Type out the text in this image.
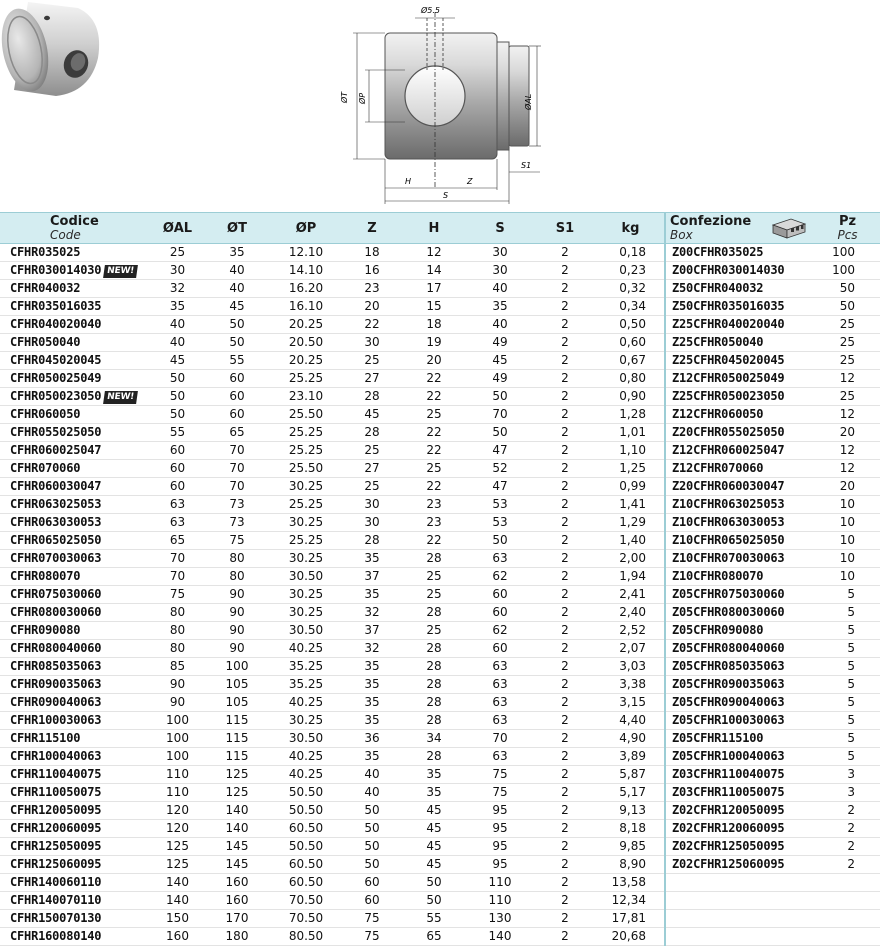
Ø5.5
ØT ØP	ØAL
S1
H	Z
S
Codice
Code	ØAL	ØT	ØP	Z	H	S	S1	kg	Confezione
Box	Pz
Pcs

CFHR035025	25	35	12.10	18	12	30	2	0,18	Z00CFHR035025	100
CFHR030014030 NEW!	30	40	14.10	16	14	30	2	0,23	Z00CFHR030014030	100
CFHR040032	32	40	16.20	23	17	40	2	0,32	Z50CFHR040032	50
CFHR035016035	35	45	16.10	20	15	35	2	0,34	Z50CFHR035016035	50
CFHR040020040	40	50	20.25	22	18	40	2	0,50	Z25CFHR040020040	25
CFHR050040	40	50	20.50	30	19	49	2	0,60	Z25CFHR050040	25
CFHR045020045	45	55	20.25	25	20	45	2	0,67	Z25CFHR045020045	25
CFHR050025049	50	60	25.25	27	22	49	2	0,80	Z12CFHR050025049	12
CFHR050023050 NEW!	50	60	23.10	28	22	50	2	0,90	Z25CFHR050023050	25
CFHR060050	50	60	25.50	45	25	70	2	1,28	Z12CFHR060050	12
CFHR055025050	55	65	25.25	28	22	50	2	1,01	Z20CFHR055025050	20
CFHR060025047	60	70	25.25	25	22	47	2	1,10	Z12CFHR060025047	12
CFHR070060	60	70	25.50	27	25	52	2	1,25	Z12CFHR070060	12
CFHR060030047	60	70	30.25	25	22	47	2	0,99	Z20CFHR060030047	20
CFHR063025053	63	73	25.25	30	23	53	2	1,41	Z10CFHR063025053	10
CFHR063030053	63	73	30.25	30	23	53	2	1,29	Z10CFHR063030053	10
CFHR065025050	65	75	25.25	28	22	50	2	1,40	Z10CFHR065025050	10
CFHR070030063	70	80	30.25	35	28	63	2	2,00	Z10CFHR070030063	10
CFHR080070	70	80	30.50	37	25	62	2	1,94	Z10CFHR080070	10
CFHR075030060	75	90	30.25	35	25	60	2	2,41	Z05CFHR075030060	5
CFHR080030060	80	90	30.25	32	28	60	2	2,40	Z05CFHR080030060	5
CFHR090080	80	90	30.50	37	25	62	2	2,52	Z05CFHR090080	5
CFHR080040060	80	90	40.25	32	28	60	2	2,07	Z05CFHR080040060	5
CFHR085035063	85	100	35.25	35	28	63	2	3,03	Z05CFHR085035063	5
CFHR090035063	90	105	35.25	35	28	63	2	3,38	Z05CFHR090035063	5
CFHR090040063	90	105	40.25	35	28	63	2	3,15	Z05CFHR090040063	5
CFHR100030063	100	115	30.25	35	28	63	2	4,40	Z05CFHR100030063	5
CFHR115100	100	115	30.50	36	34	70	2	4,90	Z05CFHR115100	5
CFHR100040063	100	115	40.25	35	28	63	2	3,89	Z05CFHR100040063	5
CFHR110040075	110	125	40.25	40	35	75	2	5,87	Z03CFHR110040075	3
CFHR110050075	110	125	50.50	40	35	75	2	5,17	Z03CFHR110050075	3
CFHR120050095	120	140	50.50	50	45	95	2	9,13	Z02CFHR120050095	2
CFHR120060095	120	140	60.50	50	45	95	2	8,18	Z02CFHR120060095	2
CFHR125050095	125	145	50.50	50	45	95	2	9,85	Z02CFHR125050095	2
CFHR125060095	125	145	60.50	50	45	95	2	8,90	Z02CFHR125060095	2
CFHR140060110	140	160	60.50	60	50	110	2	13,58		
CFHR140070110	140	160	70.50	60	50	110	2	12,34		
CFHR150070130	150	170	70.50	75	55	130	2	17,81		
CFHR160080140	160	180	80.50	75	65	140	2	20,68		
